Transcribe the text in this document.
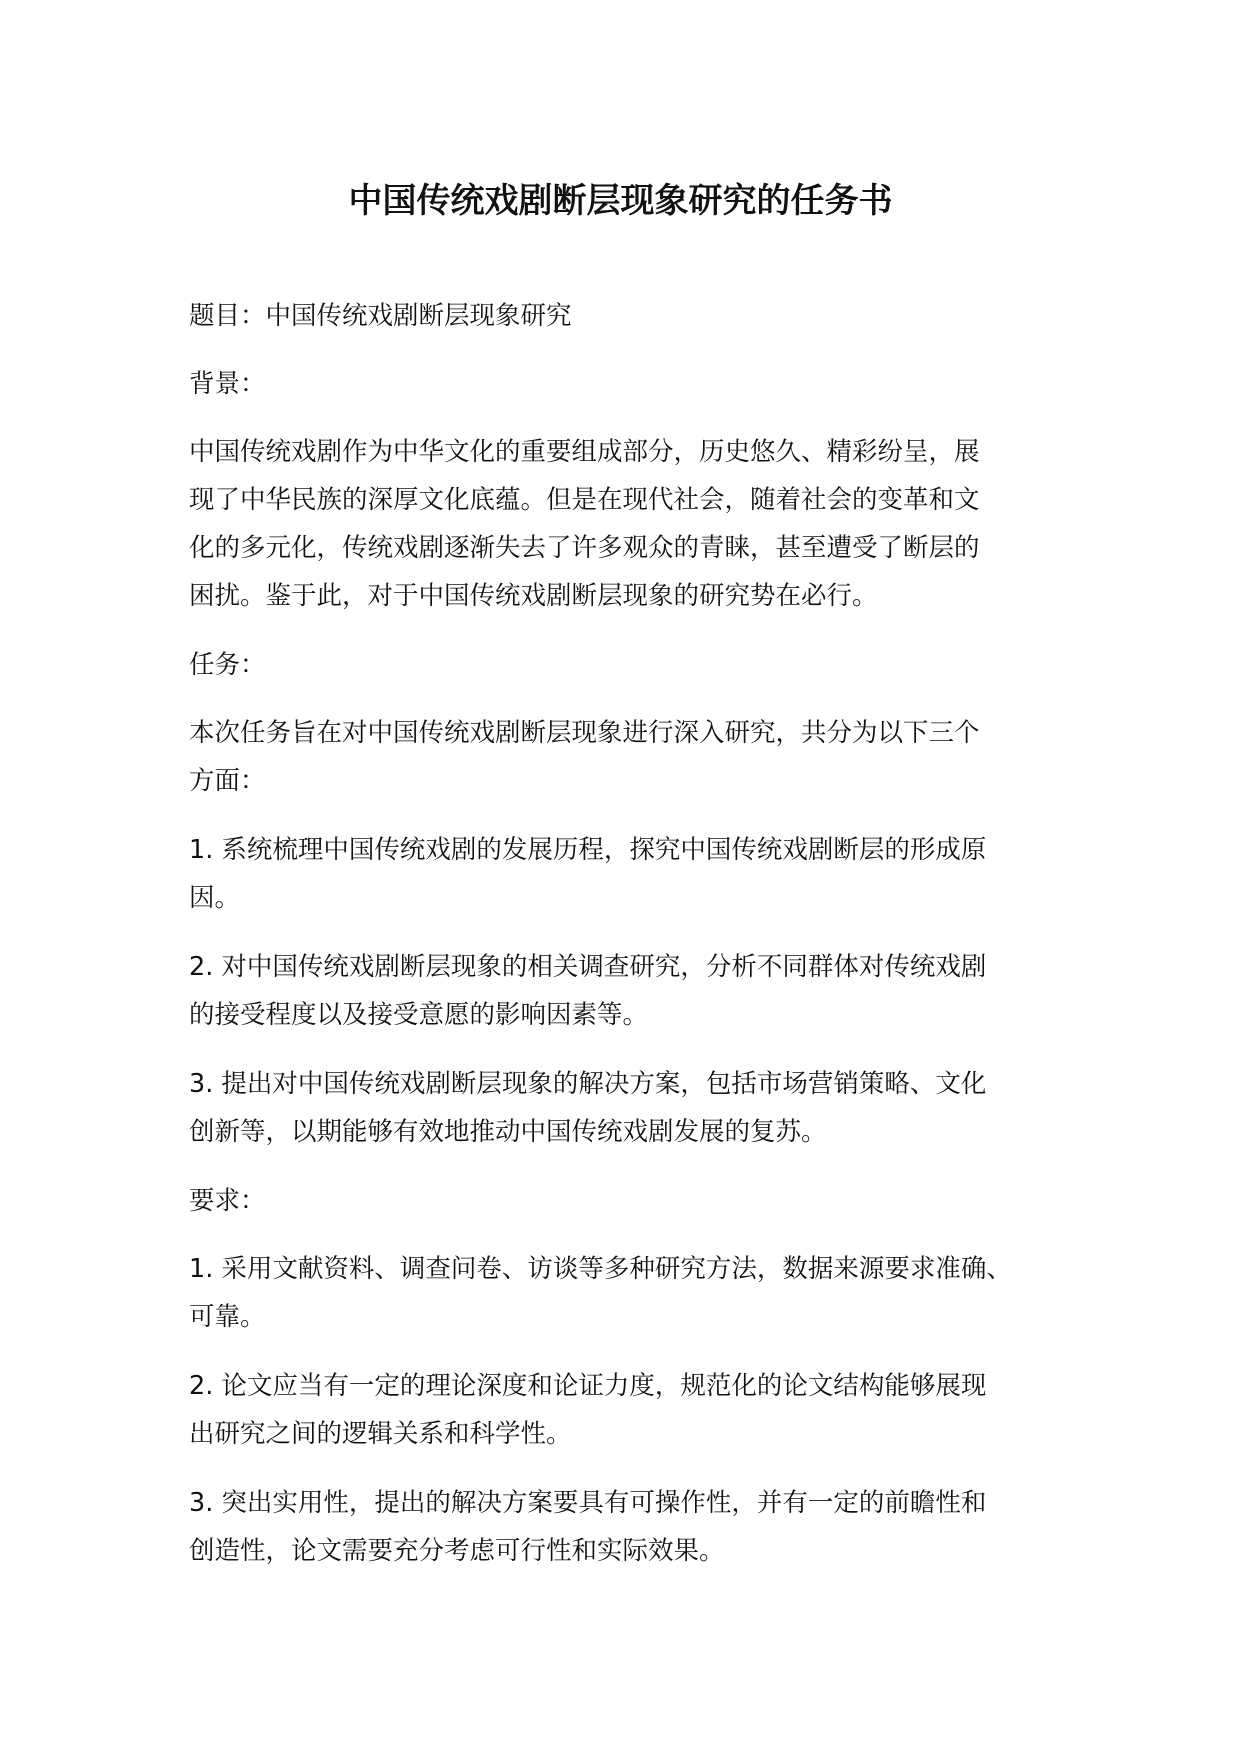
中国传统戏剧断层现象研究的任务书

题目：中国传统戏剧断层现象研究

背景：

中国传统戏剧作为中华文化的重要组成部分，历史悠久、精彩纷呈，展
现了中华民族的深厚文化底蕴。但是在现代社会，随着社会的变革和文
化的多元化，传统戏剧逐渐失去了许多观众的青睐，甚至遭受了断层的
困扰。鉴于此，对于中国传统戏剧断层现象的研究势在必行。

任务：

本次任务旨在对中国传统戏剧断层现象进行深入研究，共分为以下三个
方面：
1. 系统梳理中国传统戏剧的发展历程，探究中国传统戏剧断层的形成原
因。
2. 对中国传统戏剧断层现象的相关调查研究，分析不同群体对传统戏剧
的接受程度以及接受意愿的影响因素等。
3. 提出对中国传统戏剧断层现象的解决方案，包括市场营销策略、文化
创新等，以期能够有效地推动中国传统戏剧发展的复苏。

要求：

1. 采用文献资料、调查问卷、访谈等多种研究方法，数据来源要求准确、
可靠。
2. 论文应当有一定的理论深度和论证力度，规范化的论文结构能够展现
出研究之间的逻辑关系和科学性。
3. 突出实用性，提出的解决方案要具有可操作性，并有一定的前瞻性和
创造性，论文需要充分考虑可行性和实际效果。
